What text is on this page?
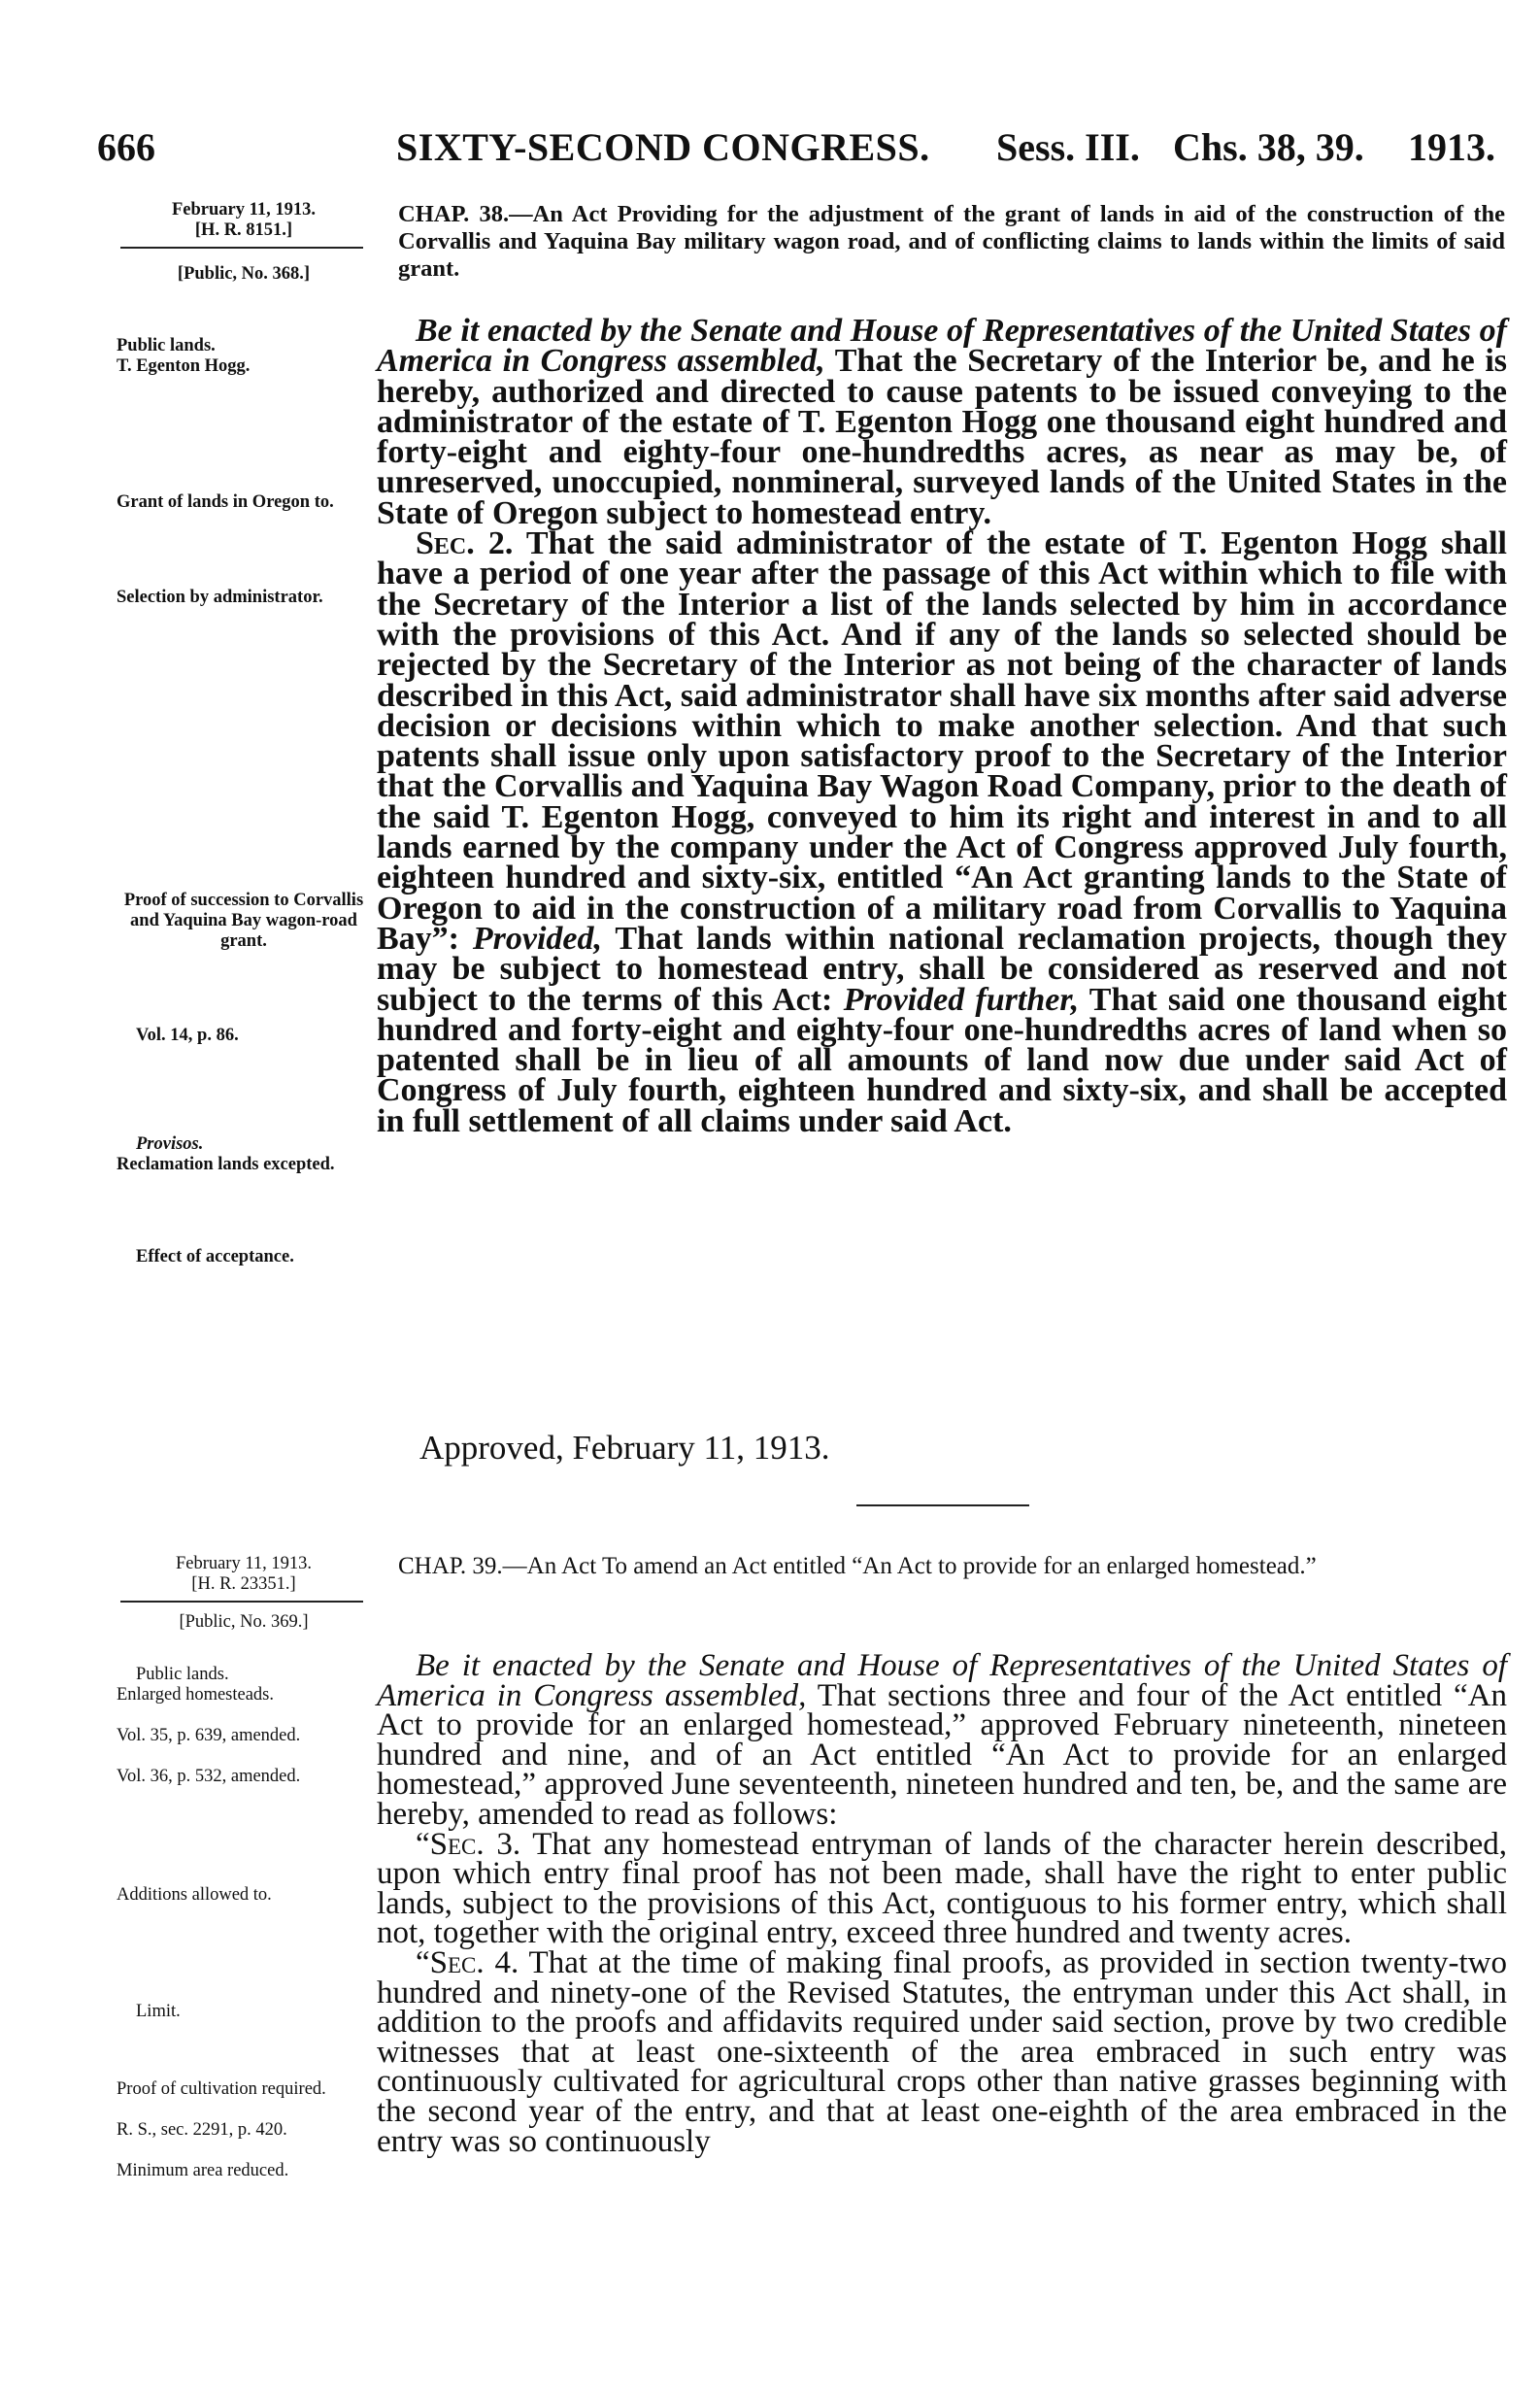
666	SIXTY-SECOND CONGRESS. Sess. III. Chs. 38, 39. 1913.
February 11, 1913.
[H. R. 8151.]
[Public, No. 368.]
CHAP. 38.—An Act Providing for the adjustment of the grant of lands in aid of the construction of the Corvallis and Yaquina Bay military wagon road, and of conflicting claims to lands within the limits of said grant.
Public lands.
T. Egenton Hogg.
Grant of lands in Oregon to.
Selection by administrator.
Proof of succession to Corvallis and Yaquina Bay wagon-road grant.
Vol. 14, p. 86.
Provisos.
Reclamation lands excepted.
Effect of acceptance.

Be it enacted by the Senate and House of Representatives of the United States of America in Congress assembled, That the Secretary of the Interior be, and he is hereby, authorized and directed to cause patents to be issued conveying to the administrator of the estate of T. Egenton Hogg one thousand eight hundred and forty-eight and eighty-four one-hundredths acres, as near as may be, of unreserved, unoccupied, nonmineral, surveyed lands of the United States in the State of Oregon subject to homestead entry.

Sec. 2. That the said administrator of the estate of T. Egenton Hogg shall have a period of one year after the passage of this Act within which to file with the Secretary of the Interior a list of the lands selected by him in accordance with the provisions of this Act. And if any of the lands so selected should be rejected by the Secretary of the Interior as not being of the character of lands described in this Act, said administrator shall have six months after said adverse decision or decisions within which to make another selection. And that such patents shall issue only upon satisfactory proof to the Secretary of the Interior that the Corvallis and Yaquina Bay Wagon Road Company, prior to the death of the said T. Egenton Hogg, conveyed to him its right and interest in and to all lands earned by the company under the Act of Congress approved July fourth, eighteen hundred and sixty-six, entitled “An Act granting lands to the State of Oregon to aid in the construction of a military road from Corvallis to Yaquina Bay”: Provided, That lands within national reclamation projects, though they may be subject to homestead entry, shall be considered as reserved and not subject to the terms of this Act: Provided further, That said one thousand eight hundred and forty-eight and eighty-four one-hundredths acres of land when so patented shall be in lieu of all amounts of land now due under said Act of Congress of July fourth, eighteen hundred and sixty-six, and shall be accepted in full settlement of all claims under said Act.

Approved, February 11, 1913.
February 11, 1913.
[H. R. 23351.]
[Public, No. 369.]
CHAP. 39.—An Act To amend an Act entitled “An Act to provide for an enlarged homestead.”
Public lands.
Enlarged homesteads.
Vol. 35, p. 639, amended.
Vol. 36, p. 532, amended.
Additions allowed to.
Limit.
Proof of cultivation required.
R. S., sec. 2291, p. 420.
Minimum area reduced.

Be it enacted by the Senate and House of Representatives of the United States of America in Congress assembled, That sections three and four of the Act entitled “An Act to provide for an enlarged homestead,” approved February nineteenth, nineteen hundred and nine, and of an Act entitled “An Act to provide for an enlarged homestead,” approved June seventeenth, nineteen hundred and ten, be, and the same are hereby, amended to read as follows:

“Sec. 3. That any homestead entryman of lands of the character herein described, upon which entry final proof has not been made, shall have the right to enter public lands, subject to the provisions of this Act, contiguous to his former entry, which shall not, together with the original entry, exceed three hundred and twenty acres.

“Sec. 4. That at the time of making final proofs, as provided in section twenty-two hundred and ninety-one of the Revised Statutes, the entryman under this Act shall, in addition to the proofs and affidavits required under said section, prove by two credible witnesses that at least one-sixteenth of the area embraced in such entry was continuously cultivated for agricultural crops other than native grasses beginning with the second year of the entry, and that at least one-eighth of the area embraced in the entry was so continuously
